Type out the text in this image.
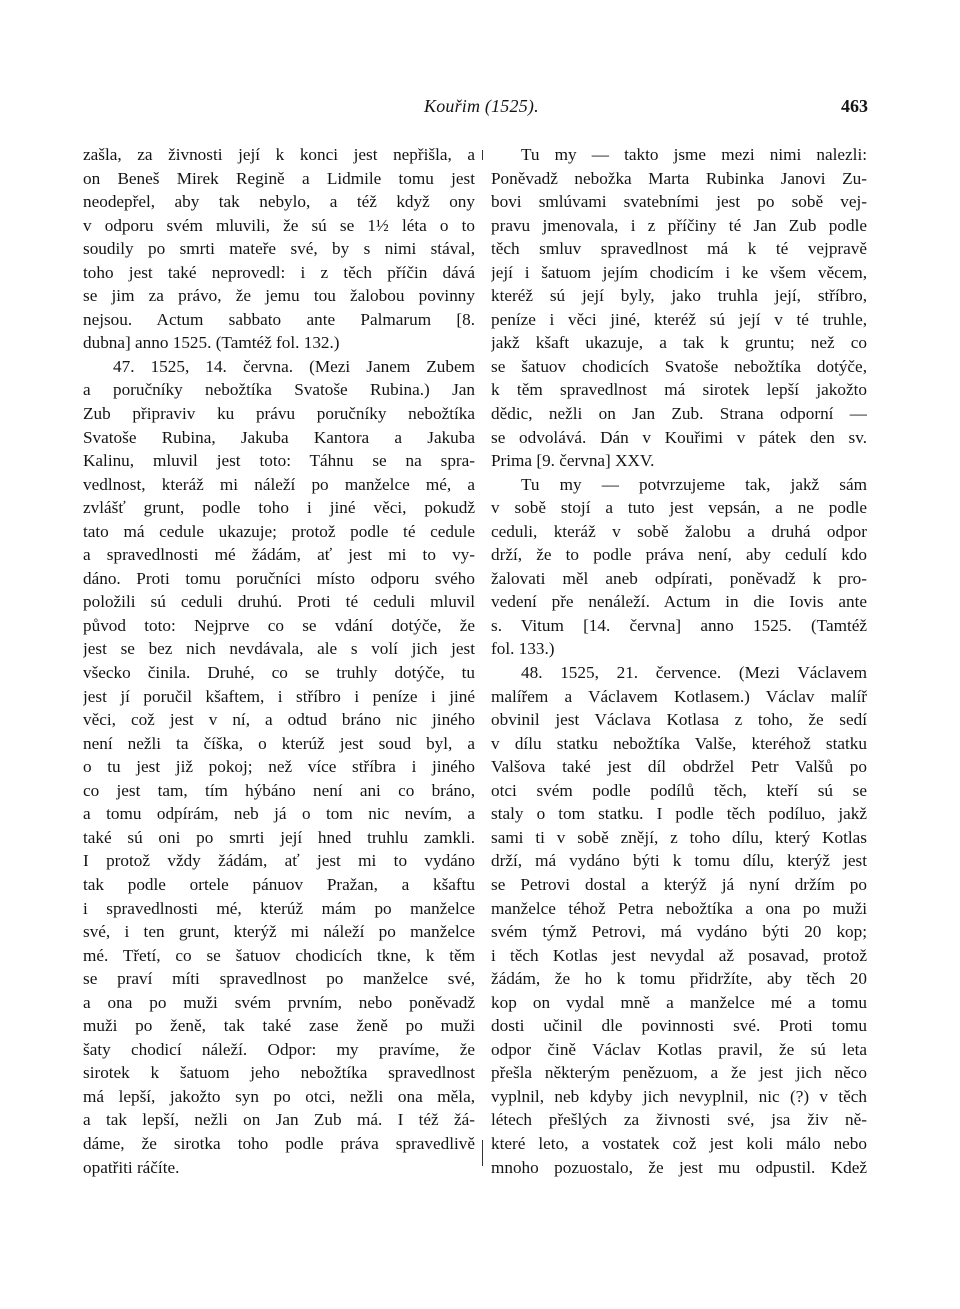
Kouřim (1525).	463
zašla, za živnosti její k konci jest nepřišla, a
on Beneš Mirek Regině a Lidmile tomu jest
neodepřel, aby tak nebylo, a též když ony
v odporu svém mluvili, že sú se 1½ léta o to
soudily po smrti mateře své, by s nimi stával,
toho jest také neprovedl: i z těch příčin dává
se jim za právo, že jemu tou žalobou povinny
nejsou. Actum sabbato ante Palmarum [8.
dubna] anno 1525. (Tamtéž fol. 132.)
47. 1525, 14. června. (Mezi Janem Zubem
a poručníky nebožtíka Svatoše Rubina.) Jan
Zub připraviv ku právu poručníky nebožtíka
Svatoše Rubina, Jakuba Kantora a Jakuba
Kalinu, mluvil jest toto: Táhnu se na spra-
vedlnost, kteráž mi náleží po manželce mé, a
zvlášť grunt, podle toho i jiné věci, pokudž
tato má cedule ukazuje; protož podle té cedule
a spravedlnosti mé žádám, ať jest mi to vy-
dáno. Proti tomu poručníci místo odporu svého
položili sú ceduli druhú. Proti té ceduli mluvil
původ toto: Nejprve co se vdání dotýče, že
jest se bez nich nevdávala, ale s volí jich jest
všecko činila. Druhé, co se truhly dotýče, tu
jest jí poručil kšaftem, i stříbro i peníze i jiné
věci, což jest v ní, a odtud bráno nic jiného
není nežli ta číška, o kterúž jest soud byl, a
o tu jest již pokoj; než více stříbra i jiného
co jest tam, tím hýbáno není ani co bráno,
a tomu odpírám, neb já o tom nic nevím, a
také sú oni po smrti její hned truhlu zamkli.
I protož vždy žádám, ať jest mi to vydáno
tak podle ortele pánuov Pražan, a kšaftu
i spravedlnosti mé, kterúž mám po manželce
své, i ten grunt, kterýž mi náleží po manželce
mé. Třetí, co se šatuov chodicích tkne, k těm
se praví míti spravedlnost po manželce své,
a ona po muži svém prvním, nebo poněvadž
muži po ženě, tak také zase ženě po muži
šaty chodicí náleží. Odpor: my pravíme, že
sirotek k šatuom jeho nebožtíka spravedlnost
má lepší, jakožto syn po otci, nežli ona měla,
a tak lepší, nežli on Jan Zub má. I též žá-
dáme, že sirotka toho podle práva spravedlivě
opatřiti ráčíte.
Tu my — takto jsme mezi nimi nalezli:
Poněvadž nebožka Marta Rubinka Janovi Zu-
bovi smlúvami svatebními jest po sobě vej-
pravu jmenovala, i z příčiny té Jan Zub podle
těch smluv spravedlnost má k té vejpravě
její i šatuom jejím chodicím i ke všem věcem,
kteréž sú její byly, jako truhla její, stříbro,
peníze i věci jiné, kteréž sú její v té truhle,
jakž kšaft ukazuje, a tak k gruntu; než co
se šatuov chodicích Svatoše nebožtíka dotýče,
k těm spravedlnost má sirotek lepší jakožto
dědic, nežli on Jan Zub. Strana odporní —
se odvolává. Dán v Kouřimi v pátek den sv.
Prima [9. června] XXV.
Tu my — potvrzujeme tak, jakž sám
v sobě stojí a tuto jest vepsán, a ne podle
ceduli, kteráž v sobě žalobu a druhá odpor
drží, že to podle práva není, aby cedulí kdo
žalovati měl aneb odpírati, poněvadž k pro-
vedení pře nenáleží. Actum in die Iovis ante
s. Vitum [14. června] anno 1525. (Tamtéž
fol. 133.)
48. 1525, 21. července. (Mezi Václavem
malířem a Václavem Kotlasem.) Václav malíř
obvinil jest Václava Kotlasa z toho, že sedí
v dílu statku nebožtíka Valše, kteréhož statku
Valšova také jest díl obdržel Petr Valšů po
otci svém podle podílů těch, kteří sú se
staly o tom statku. I podle těch podíluo, jakž
sami ti v sobě znějí, z toho dílu, který Kotlas
drží, má vydáno býti k tomu dílu, kterýž jest
se Petrovi dostal a kterýž já nyní držím po
manželce téhož Petra nebožtíka a ona po muži
svém týmž Petrovi, má vydáno býti 20 kop;
i těch Kotlas jest nevydal až posavad, protož
žádám, že ho k tomu přidržíte, aby těch 20
kop on vydal mně a manželce mé a tomu
dosti učinil dle povinnosti své. Proti tomu
odpor čině Václav Kotlas pravil, že sú leta
přešla některým penězuom, a že jest jich něco
vyplnil, neb kdyby jich nevyplnil, nic (?) v těch
létech přešlých za živnosti své, jsa živ ně-
které leto, a vostatek což jest koli málo nebo
mnoho pozuostalo, že jest mu odpustil. Kdež
